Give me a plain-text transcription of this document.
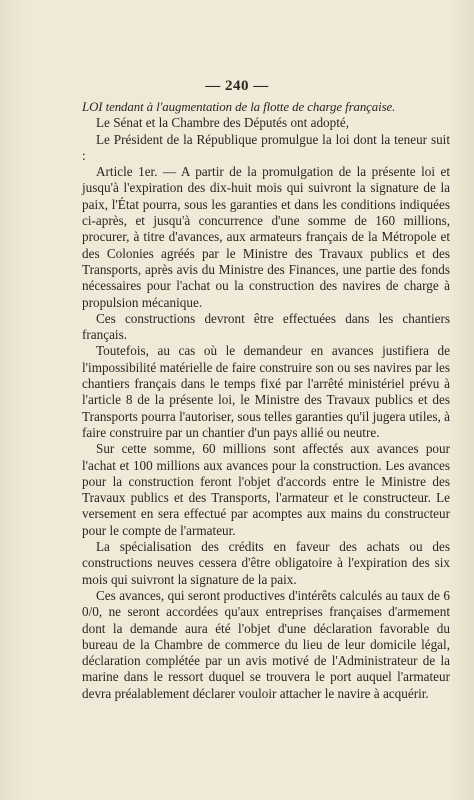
— 240 —

LOI tendant à l'augmentation de la flotte de charge française.

Le Sénat et la Chambre des Députés ont adopté,

Le Président de la République promulgue la loi dont la teneur suit :

Article 1er. — A partir de la promulgation de la présente loi et jusqu'à l'expiration des dix-huit mois qui suivront la signature de la paix, l'État pourra, sous les garanties et dans les conditions indiquées ci-après, et jusqu'à concurrence d'une somme de 160 millions, procurer, à titre d'avances, aux armateurs français de la Métropole et des Colonies agréés par le Ministre des Travaux publics et des Transports, après avis du Ministre des Finances, une partie des fonds nécessaires pour l'achat ou la construction des navires de charge à propulsion mécanique.

Ces constructions devront être effectuées dans les chantiers français.

Toutefois, au cas où le demandeur en avances justifiera de l'impossibilité matérielle de faire construire son ou ses navires par les chantiers français dans le temps fixé par l'arrêté ministériel prévu à l'article 8 de la présente loi, le Ministre des Travaux publics et des Transports pourra l'autoriser, sous telles garanties qu'il jugera utiles, à faire construire par un chantier d'un pays allié ou neutre.

Sur cette somme, 60 millions sont affectés aux avances pour l'achat et 100 millions aux avances pour la construction. Les avances pour la construction feront l'objet d'accords entre le Ministre des Travaux publics et des Transports, l'armateur et le constructeur. Le versement en sera effectué par acomptes aux mains du constructeur pour le compte de l'armateur.

La spécialisation des crédits en faveur des achats ou des constructions neuves cessera d'être obligatoire à l'expiration des six mois qui suivront la signature de la paix.

Ces avances, qui seront productives d'intérêts calculés au taux de 6 0/0, ne seront accordées qu'aux entreprises françaises d'armement dont la demande aura été l'objet d'une déclaration favorable du bureau de la Chambre de commerce du lieu de leur domicile légal, déclaration complétée par un avis motivé de l'Administrateur de la marine dans le ressort duquel se trouvera le port auquel l'armateur devra préalablement déclarer vouloir attacher le navire à acquérir.
